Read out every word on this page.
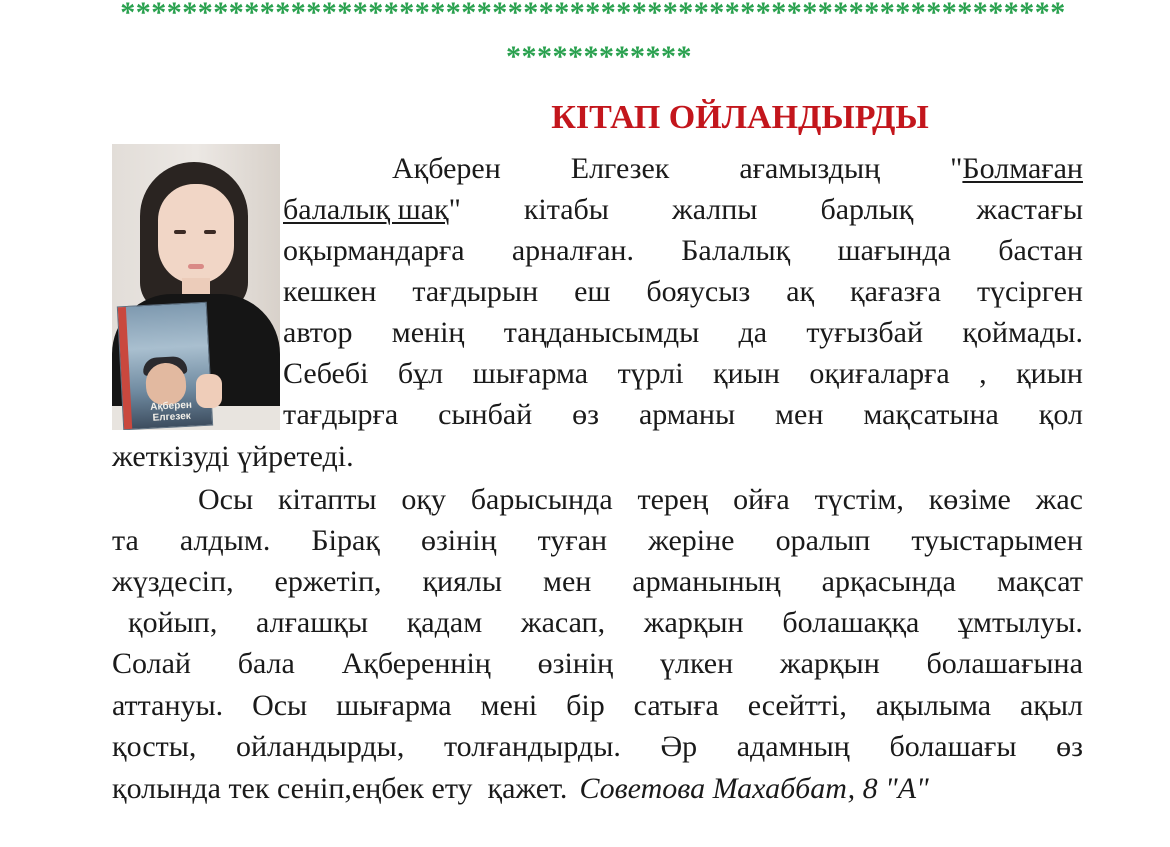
*************************************************************
************
КІТАП ОЙЛАНДЫРДЫ
Ақберен Елгезек
Ақберен Елгезек ағамыздың "Болмаған
балалық шақ" кітабы жалпы барлық жастағы
оқырмандарға арналған. Балалық шағында бастан
кешкен тағдырын еш бояусыз ақ қағазға түсірген
автор менің таңданысымды да туғызбай қоймады.
Себебі бұл шығарма түрлі қиын оқиғаларға , қиын
тағдырға сынбай өз арманы мен мақсатына қол
жеткізуді үйретеді.
Осы кітапты оқу барысында терең ойға түстім, көзіме жас
та алдым. Бірақ өзінің туған жеріне оралып туыстарымен
жүздесіп, ержетіп, қиялы мен арманының арқасында мақсат
қойып, алғашқы қадам жасап, жарқын болашаққа ұмтылуы.
Солай бала Ақбереннің өзінің үлкен жарқын болашағына
аттануы. Осы шығарма мені бір сатыға есейтті, ақылыма ақыл
қосты, ойландырды, толғандырды. Әр адамның болашағы өз
қолында тек сеніп,еңбек ету  қажет. Советова Махаббат, 8 "А"
